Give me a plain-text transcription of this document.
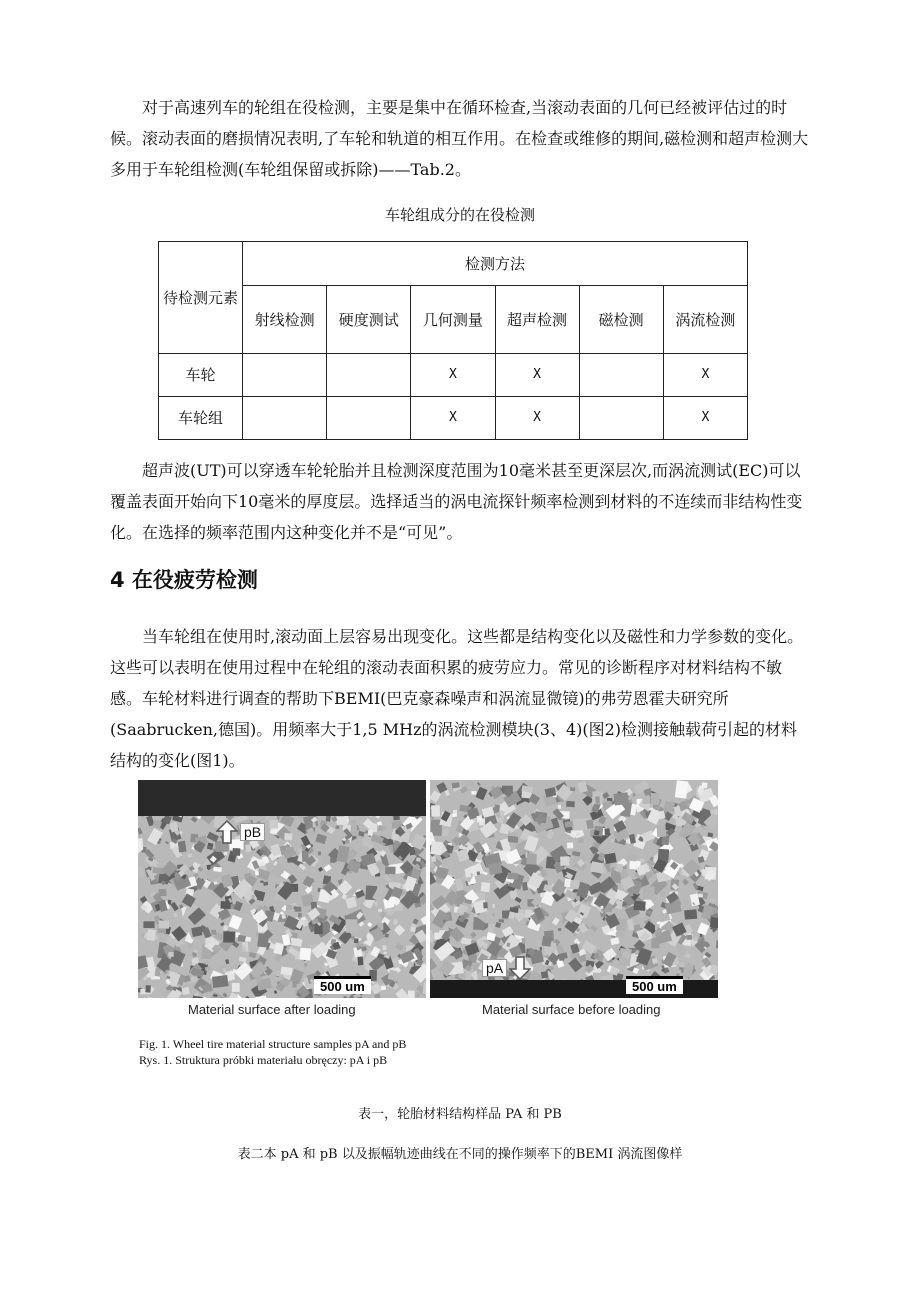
对于高速列车的轮组在役检测，主要是集中在循环检查,当滚动表面的几何已经被评估过的时候。滚动表面的磨损情况表明,了车轮和轨道的相互作用。在检查或维修的期间,磁检测和超声检测大多用于车轮组检测(车轮组保留或拆除)——Tab.2。

车轮组成分的在役检测

待检测元素	检测方法					
	射线检测	硬度测试	几何测量	超声检测	磁检测	涡流检测
车轮			X	X		X
车轮组			X	X		X

超声波(UT)可以穿透车轮轮胎并且检测深度范围为10毫米甚至更深层次,而涡流测试(EC)可以覆盖表面开始向下10毫米的厚度层。选择适当的涡电流探针频率检测到材料的不连续而非结构性变化。在选择的频率范围内这种变化并不是“可见”。

4 在役疲劳检测

当车轮组在使用时,滚动面上层容易出现变化。这些都是结构变化以及磁性和力学参数的变化。这些可以表明在使用过程中在轮组的滚动表面积累的疲劳应力。常见的诊断程序对材料结构不敏感。车轮材料进行调查的帮助下BEMI(巴克豪森噪声和涡流显微镜)的弗劳恩霍夫研究所(Saabrucken,德国)。用频率大于1,5 MHz的涡流检测模块(3、4)(图2)检测接触载荷引起的材料结构的变化(图1)。

pB
500 um
pA
500 um
Material surface after loading	Material surface before loading
Fig. 1. Wheel tire material structure samples pA and pB
Rys. 1. Struktura próbki materiału obręczy: pA i pB

表一，轮胎材料结构样品 PA 和 PB

表二本 pA 和 pB 以及振幅轨迹曲线在不同的操作频率下的BEMI 涡流图像样
